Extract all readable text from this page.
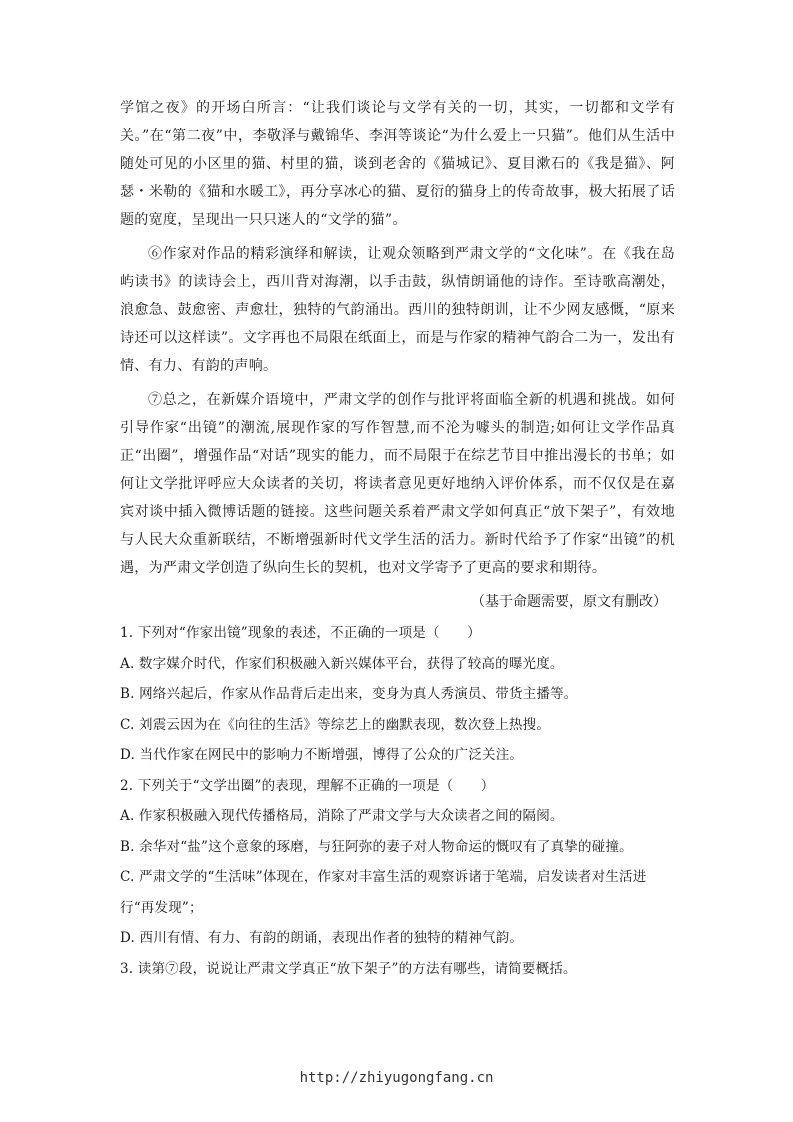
学馆之夜》的开场白所言：“让我们谈论与文学有关的一切，其实，一切都和文学有关。”在“第二夜”中，李敬泽与戴锦华、李洱等谈论“为什么爱上一只猫”。他们从生活中随处可见的小区里的猫、村里的猫，谈到老舍的《猫城记》、夏目漱石的《我是猫》、阿瑟・米勒的《猫和水暖工》，再分享冰心的猫、夏衍的猫身上的传奇故事，极大拓展了话题的宽度，呈现出一只只迷人的“文学的猫”。

⑥作家对作品的精彩演绎和解读，让观众领略到严肃文学的“文化味”。在《我在岛屿读书》的读诗会上，西川背对海潮，以手击鼓，纵情朗诵他的诗作。至诗歌高潮处，浪愈急、鼓愈密、声愈壮，独特的气韵涌出。西川的独特朗训，让不少网友感慨，“原来诗还可以这样读”。文字再也不局限在纸面上，而是与作家的精神气韵合二为一，发出有情、有力、有韵的声响。

⑦总之，在新媒介语境中，严肃文学的创作与批评将面临全新的机遇和挑战。如何引导作家“出镜”的潮流,展现作家的写作智慧,而不沦为噱头的制造;如何让文学作品真正“出圈”，增强作品“对话”现实的能力，而不局限于在综艺节目中推出漫长的书单；如何让文学批评呼应大众读者的关切，将读者意见更好地纳入评价体系，而不仅仅是在嘉宾对谈中插入微博话题的链接。这些问题关系着严肃文学如何真正“放下架子”，有效地与人民大众重新联结，不断增强新时代文学生活的活力。新时代给予了作家“出镜”的机遇，为严肃文学创造了纵向生长的契机，也对文学寄予了更高的要求和期待。

（基于命题需要，原文有删改）

1. 下列对“作家出镜”现象的表述，不正确的一项是（　　）

A. 数字媒介时代，作家们积极融入新兴媒体平台，获得了较高的曝光度。

B. 网络兴起后，作家从作品背后走出来，变身为真人秀演员、带货主播等。

C. 刘震云因为在《向往的生活》等综艺上的幽默表现，数次登上热搜。

D. 当代作家在网民中的影响力不断增强，博得了公众的广泛关注。

2. 下列关于“文学出圈”的表现，理解不正确的一项是（　　）

A. 作家积极融入现代传播格局，消除了严肃文学与大众读者之间的隔阂。

B. 余华对“盐”这个意象的琢磨，与狂阿弥的妻子对人物命运的慨叹有了真挚的碰撞。

C. 严肃文学的“生活味”体现在，作家对丰富生活的观察诉诸于笔端，启发读者对生活进

行“再发现”；

D. 西川有情、有力、有韵的朗诵，表现出作者的独特的精神气韵。

3. 读第⑦段，说说让严肃文学真正“放下架子”的方法有哪些，请简要概括。

http://zhiyugongfang.cn
